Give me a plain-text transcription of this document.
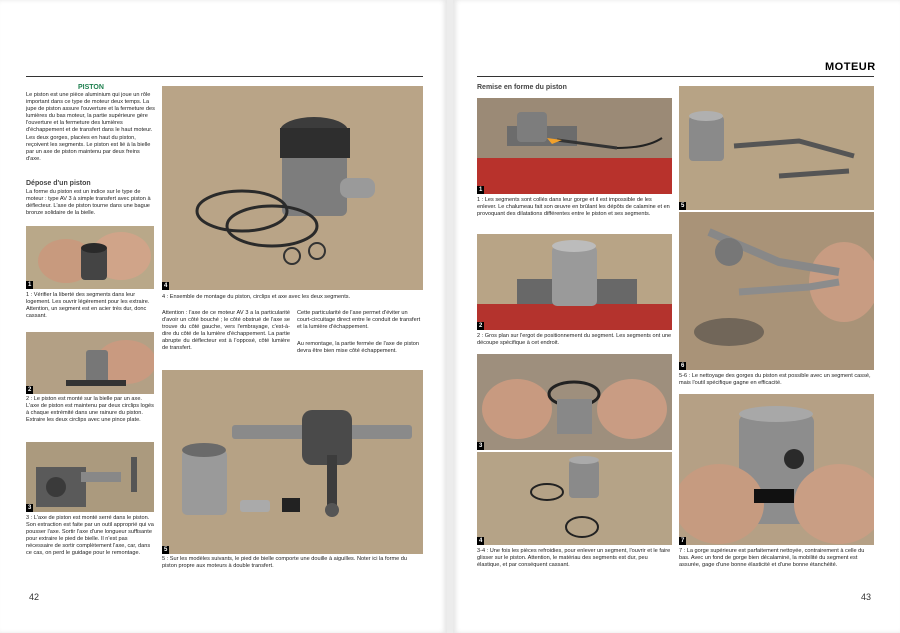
PISTON
Le piston est une pièce aluminium qui joue un rôle important dans ce type de moteur deux temps. La jupe de piston assure l'ouverture et la fermeture des lumières du bas moteur, la partie supérieure gère l'ouverture et la fermeture des lumières d'échappement et de transfert dans le haut moteur. Les deux gorges, placées en haut du piston, reçoivent les segments. Le piston est lié à la bielle par un axe de piston maintenu par deux freins d'axe.
Dépose d'un piston
La forme du piston est un indice sur le type de moteur : type AV 3 à simple transfert avec piston à déflecteur. L'axe de piston tourne dans une bague bronze solidaire de la bielle.
1
1 : Vérifier la liberté des segments dans leur logement. Les ouvrir légèrement pour les extraire. Attention, un segment est en acier très dur, donc cassant.
2
2 : Le piston est monté sur la bielle par un axe. L'axe de piston est maintenu par deux circlips logés à chaque extrémité dans une rainure du piston. Extraire les deux circlips avec une pince plate.
3
3 : L'axe de piston est monté serré dans le piston. Son extraction est faite par un outil approprié qui va pousser l'axe. Sortir l'axe d'une longueur suffisante pour extraire le pied de bielle. Il n'est pas nécessaire de sortir complètement l'axe, car, dans ce cas, on perd le guidage pour le remontage.
4
4 : Ensemble de montage du piston, circlips et axe avec les deux segments.
Attention : l'axe de ce moteur AV 3 a la particularité d'avoir un côté bouché ; le côté obstrué de l'axe se trouve du côté gauche, vers l'embrayage, c'est-à-dire du côté de la lumière d'échappement. La partie abrupte du déflecteur est à l'opposé, côté lumière de transfert.
Cette particularité de l'axe permet d'éviter un court-circuitage direct entre le conduit de transfert et la lumière d'échappement.
Au remontage, la partie fermée de l'axe de piston devra être bien mise côté échappement.
5
5 : Sur les modèles suivants, le pied de bielle comporte une douille à aiguilles. Noter ici la forme du piston propre aux moteurs à double transfert.
42
MOTEUR
Remise en forme du piston
1
1 : Les segments sont collés dans leur gorge et il est impossible de les enlever. Le chalumeau fait son œuvre en brûlant les dépôts de calamine et en provoquant des dilatations différentes entre le piston et ses segments.
2
2 : Gros plan sur l'ergot de positionnement du segment. Les segments ont une découpe spécifique à cet endroit.
3
4
3-4 : Une fois les pièces refroidies, pour enlever un segment, l'ouvrir et le faire glisser sur le piston. Attention, le matériau des segments est dur, peu élastique, et par conséquent cassant.
5
6
5-6 : Le nettoyage des gorges du piston est possible avec un segment cassé, mais l'outil spécifique gagne en efficacité.
7
7 : La gorge supérieure est parfaitement nettoyée, contrairement à celle du bas. Avec un fond de gorge bien décalaminé, la mobilité du segment est assurée, gage d'une bonne élasticité et d'une bonne étanchéité.
43
